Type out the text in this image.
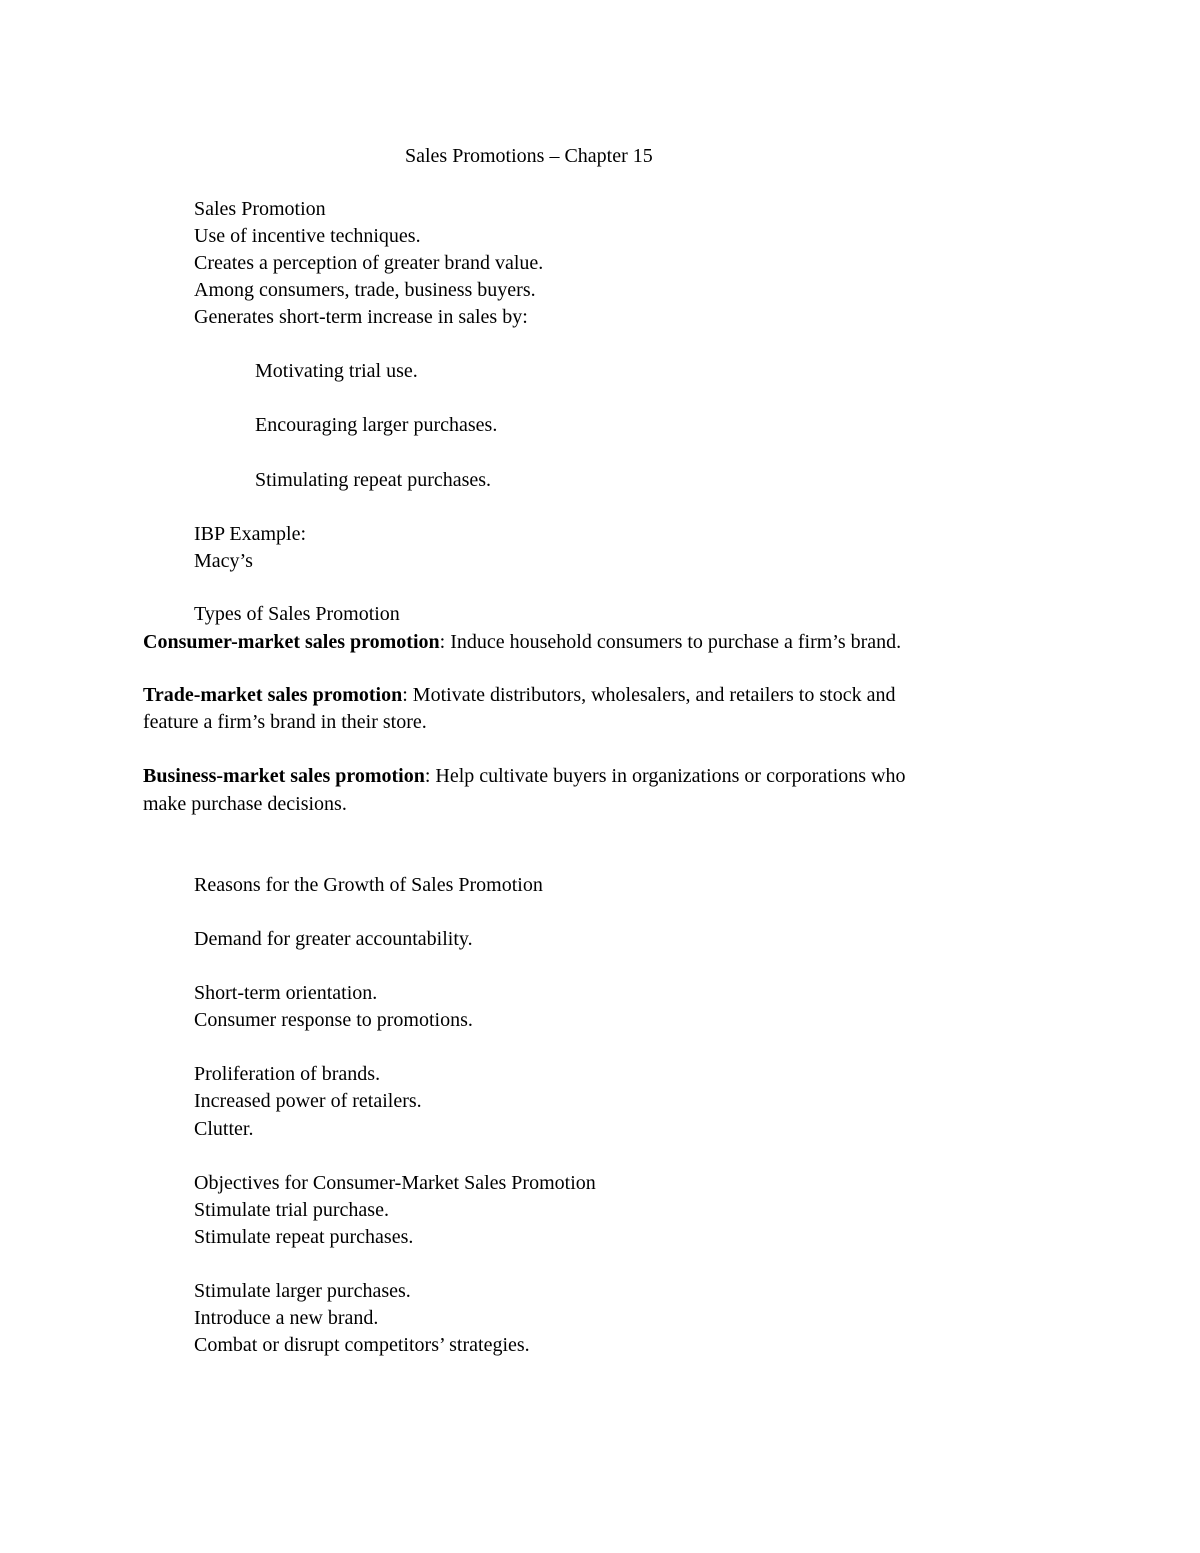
Sales Promotions – Chapter 15
Sales Promotion
Use of incentive techniques.
Creates a perception of greater brand value.
Among consumers, trade, business buyers.
Generates short-term increase in sales by:
Motivating trial use.
Encouraging larger purchases.
Stimulating repeat purchases.
IBP Example:
Macy’s
Types of Sales Promotion
Consumer-market sales promotion: Induce household consumers to purchase a firm’s brand.
Trade-market sales promotion: Motivate distributors, wholesalers, and retailers to stock and
feature a firm’s brand in their store.
Business-market sales promotion: Help cultivate buyers in organizations or corporations who
make purchase decisions.
Reasons for the Growth of Sales Promotion
Demand for greater accountability.
Short-term orientation.
Consumer response to promotions.
Proliferation of brands.
Increased power of retailers.
Clutter.
Objectives for Consumer-Market Sales Promotion
Stimulate trial purchase.
Stimulate repeat purchases.
Stimulate larger purchases.
Introduce a new brand.
Combat or disrupt competitors’ strategies.
